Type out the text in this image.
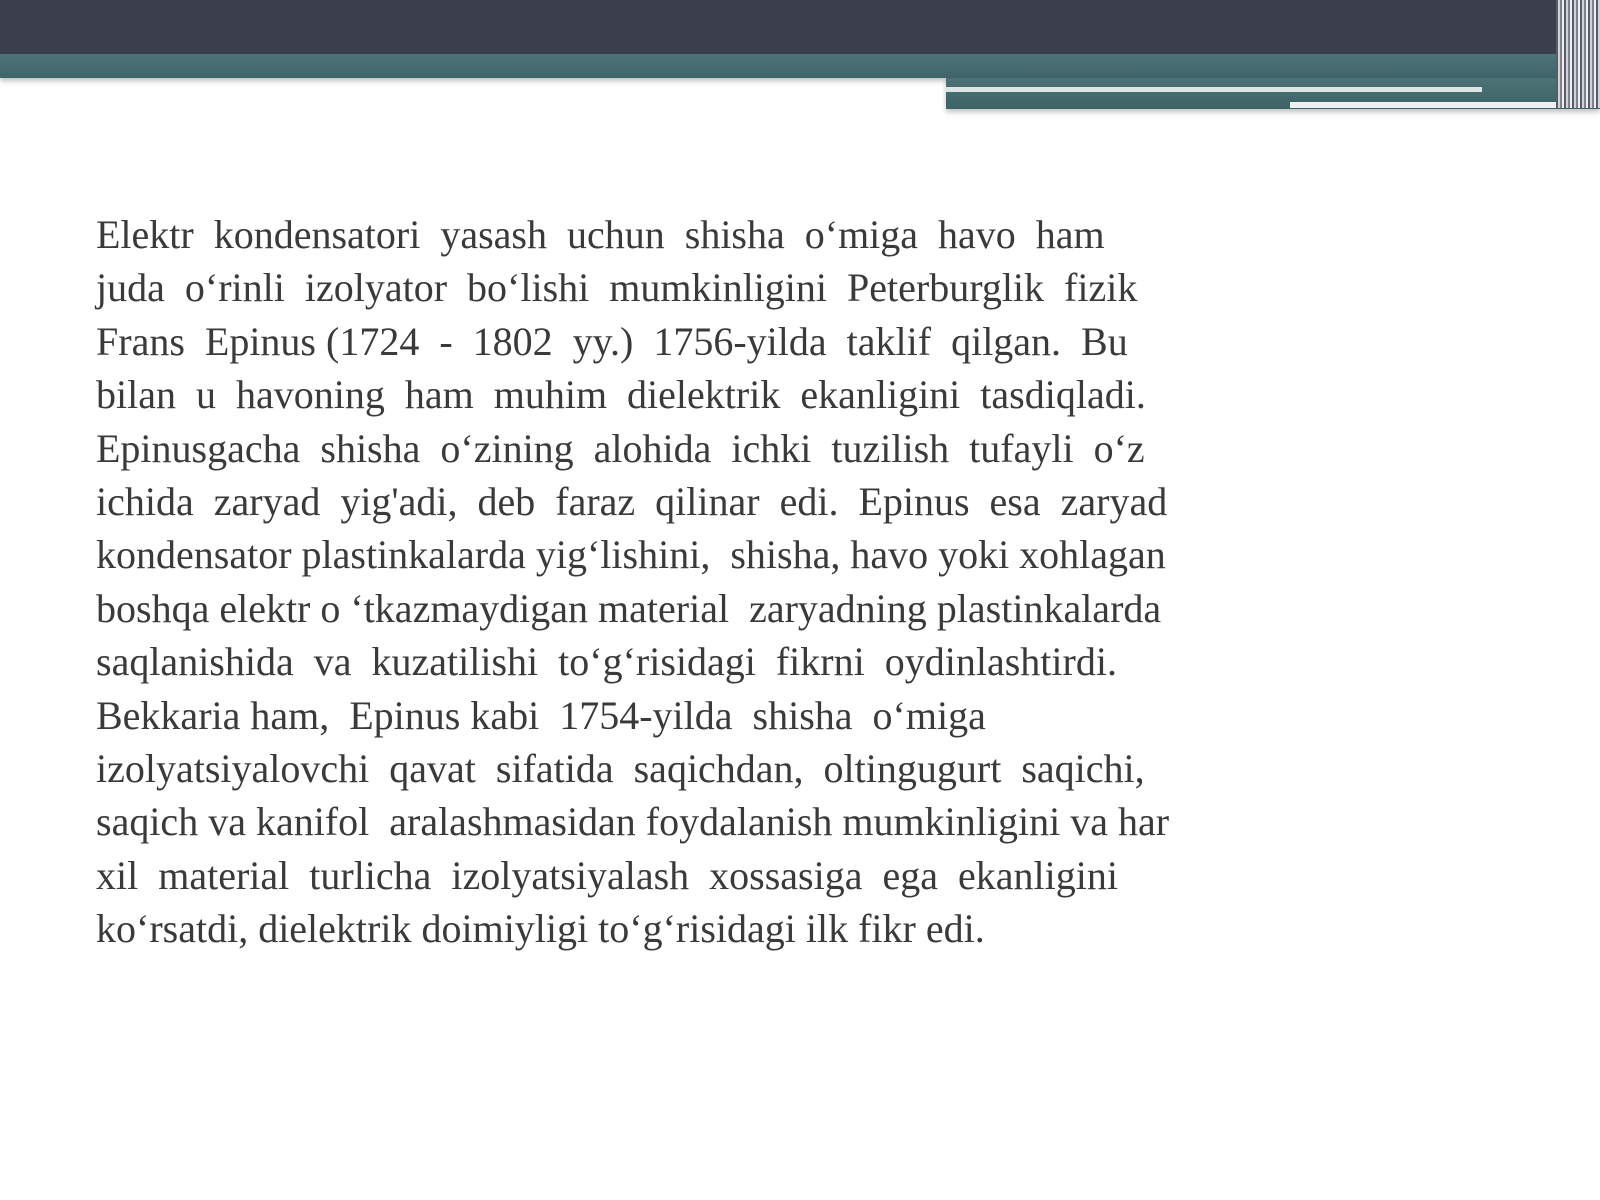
Elektr  kondensatori  yasash  uchun  shisha  o‘miga  havo  ham
juda  o‘rinli  izolyator  bo‘lishi  mumkinligini  Peterburglik  fizik
Frans  Epinus (1724  -  1802  yy.)  1756-yilda  taklif  qilgan.  Bu
bilan  u  havoning  ham  muhim  dielektrik  ekanligini  tasdiqladi.
Epinusgacha  shisha  o‘zining  alohida  ichki  tuzilish  tufayli  o‘z
ichida  zaryad  yig'adi,  deb  faraz  qilinar  edi.  Epinus  esa  zaryad
kondensator plastinkalarda yig‘lishini,  shisha, havo yoki xohlagan
boshqa elektr o ‘tkazmaydigan material  zaryadning plastinkalarda
saqlanishida  va  kuzatilishi  to‘g‘risidagi  fikrni  oydinlashtirdi.
Bekkaria ham,  Epinus kabi  1754-yilda  shisha  o‘miga
izolyatsiyalovchi  qavat  sifatida  saqichdan,  oltingugurt  saqichi,
saqich va kanifol  aralashmasidan foydalanish mumkinligini va har
xil  material  turlicha  izolyatsiyalash  xossasiga  ega  ekanligini
ko‘rsatdi, dielektrik doimiyligi to‘g‘risidagi ilk fikr edi.
